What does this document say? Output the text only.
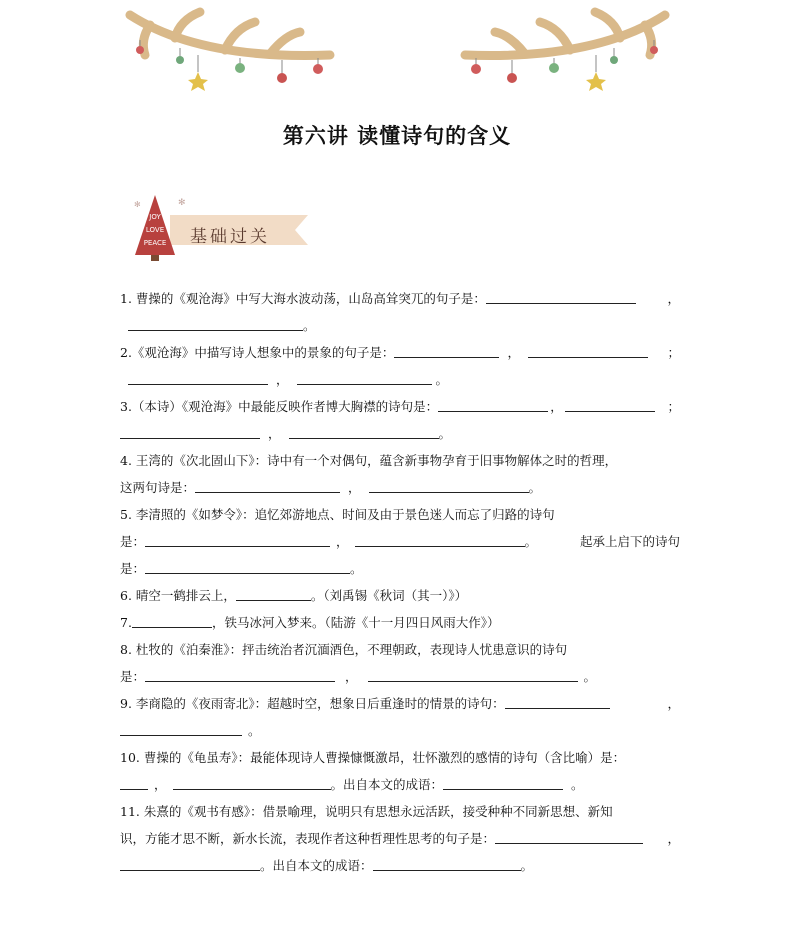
第六讲 读懂诗句的含义
JOY
LOVE
PEACE
✻
✻
基础过关
1. 曹操的《观沧海》中写大海水波动荡，山岛高耸突兀的句子是：	，
。
2.《观沧海》中描写诗人想象中的景象的句子是：	，	；
，	。
3.（本诗）《观沧海》中最能反映作者博大胸襟的诗句是：	，	；
，	。
4. 王湾的《次北固山下》：诗中有一个对偶句，蕴含新事物孕育于旧事物解体之时的哲理，
这两句诗是：	，	。
5. 李清照的《如梦令》：追忆郊游地点、时间及由于景色迷人而忘了归路的诗句
是：	，	。	起承上启下的诗句
是：	。
6. 晴空一鹤排云上，	。（刘禹锡《秋词（其一）》）
7.	，铁马冰河入梦来。（陆游《十一月四日风雨大作》）
8. 杜牧的《泊秦淮》：抨击统治者沉湎酒色，不理朝政，表现诗人忧患意识的诗句
是：	，	。
9. 李商隐的《夜雨寄北》：超越时空，想象日后重逢时的情景的诗句：	，
。
10. 曹操的《龟虽寿》：最能体现诗人曹操慷慨激昂，壮怀激烈的感情的诗句（含比喻）是：
，	。出自本文的成语：	。
11. 朱熹的《观书有感》：借景喻理，说明只有思想永远活跃，接受种种不同新思想、新知
识，方能才思不断，新水长流，表现作者这种哲理性思考的句子是：	，
。出自本文的成语：	。
